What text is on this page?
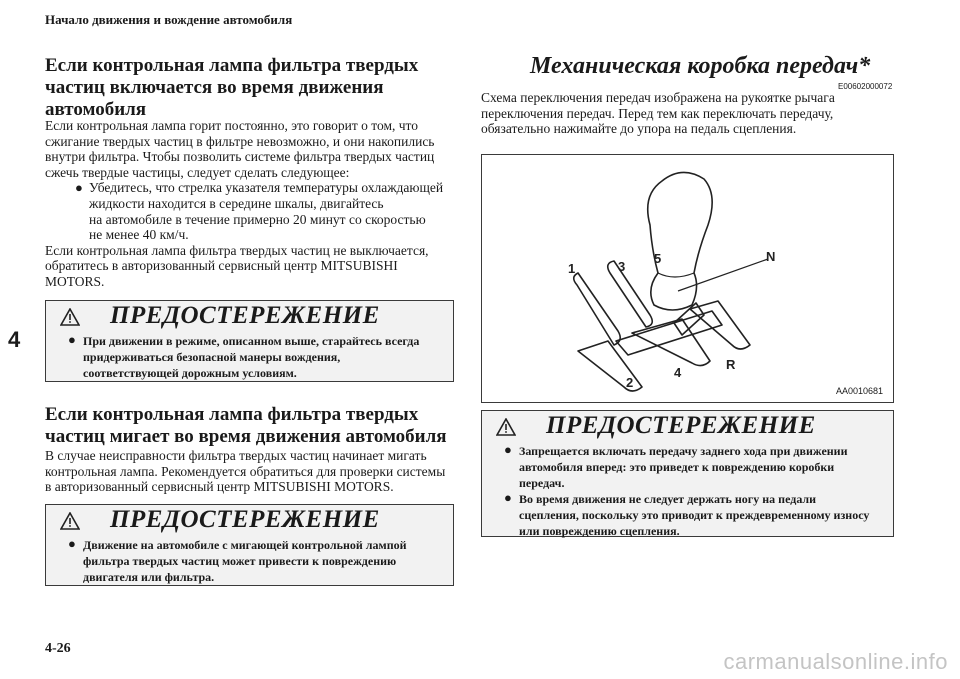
Начало движения и вождение автомобиля
4
Если контрольная лампа фильтра твердых
частиц включается во время движения
автомобиля
Если контрольная лампа горит постоянно, это говорит о том, что
сжигание твердых частиц в фильтре невозможно, и они накопились
внутри фильтра. Чтобы позволить системе фильтра твердых частиц
сжечь твердые частицы, следует сделать следующее:
● Убедитесь, что стрелка указателя температуры охлаждающей
жидкости находится в середине шкалы, двигайтесь
на автомобиле в течение примерно 20 минут со скоростью
не менее 40 км/ч.
Если контрольная лампа фильтра твердых частиц не выключается,
обратитесь в авторизованный сервисный центр MITSUBISHI
MOTORS.
ПРЕДОСТЕРЕЖЕНИЕ
● При движении в режиме, описанном выше, старайтесь всегда
придерживаться безопасной манеры вождения,
соответствующей дорожным условиям.
Если контрольная лампа фильтра твердых
частиц мигает во время движения автомобиля
В случае неисправности фильтра твердых частиц начинает мигать
контрольная лампа. Рекомендуется обратиться для проверки системы
в авторизованный сервисный центр MITSUBISHI MOTORS.
ПРЕДОСТЕРЕЖЕНИЕ
● Движение на автомобиле с мигающей контрольной лампой
фильтра твердых частиц может привести к повреждению
двигателя или фильтра.
4-26
Механическая коробка передач*
E00602000072
Схема переключения передач изображена на рукоятке рычага
переключения передач. Перед тем как переключать передачу,
обязательно нажимайте до упора на педаль сцепления.
1	3
5	N
2
4
R
AA0010681
ПРЕДОСТЕРЕЖЕНИЕ
● Запрещается включать передачу заднего хода при движении
автомобиля вперед: это приведет к повреждению коробки
передач.
● Во время движения не следует держать ногу на педали
сцепления, поскольку это приводит к преждевременному износу
или повреждению сцепления.
carmanualsonline.info
